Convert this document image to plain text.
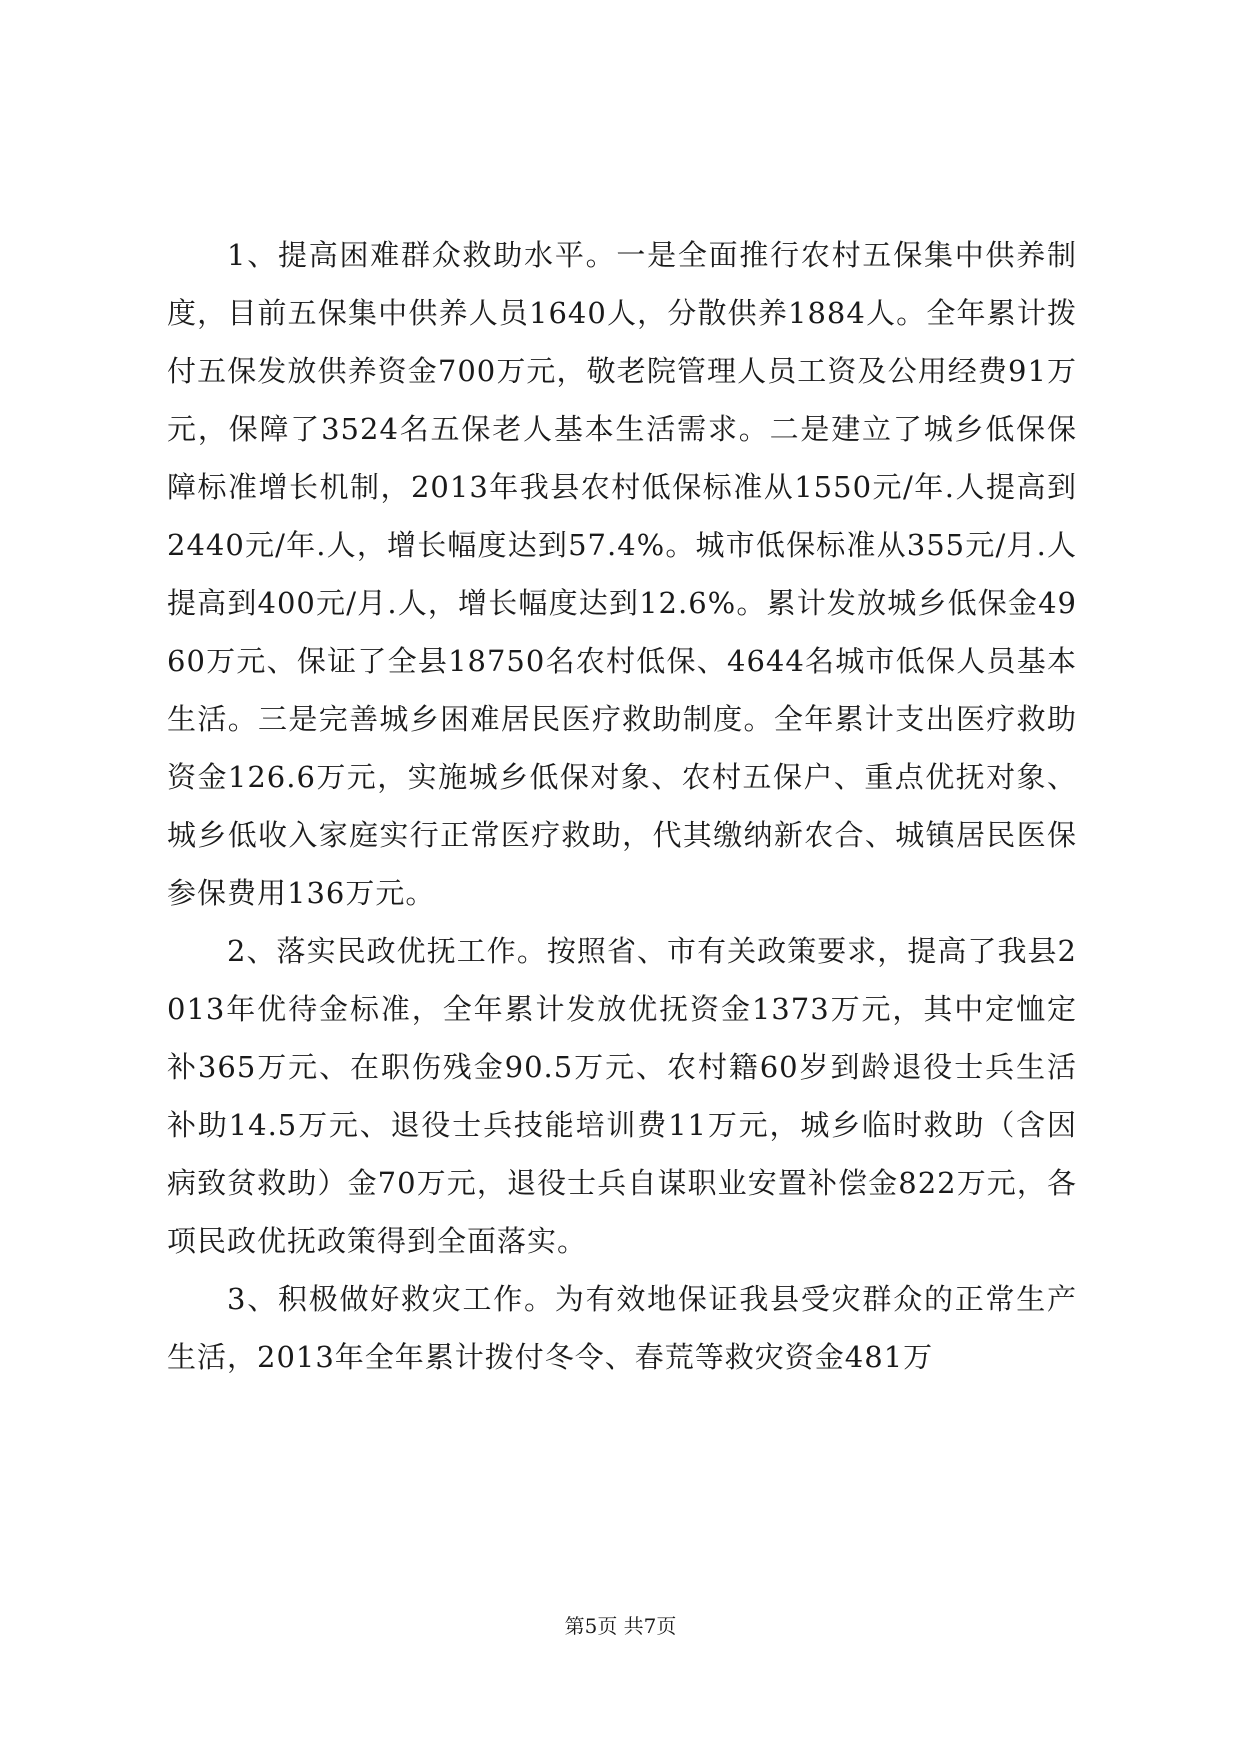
1、提高困难群众救助水平。一是全面推行农村五保集中供养制度，目前五保集中供养人员1640人，分散供养1884人。全年累计拨付五保发放供养资金700万元，敬老院管理人员工资及公用经费91万元，保障了3524名五保老人基本生活需求。二是建立了城乡低保保障标准增长机制，2013年我县农村低保标准从1550元/年.人提高到2440元/年.人，增长幅度达到57.4%。城市低保标准从355元/月.人提高到400元/月.人，增长幅度达到12.6%。累计发放城乡低保金4960万元、保证了全县18750名农村低保、4644名城市低保人员基本生活。三是完善城乡困难居民医疗救助制度。全年累计支出医疗救助资金126.6万元，实施城乡低保对象、农村五保户、重点优抚对象、城乡低收入家庭实行正常医疗救助，代其缴纳新农合、城镇居民医保参保费用136万元。

2、落实民政优抚工作。按照省、市有关政策要求，提高了我县2013年优待金标准，全年累计发放优抚资金1373万元，其中定恤定补365万元、在职伤残金90.5万元、农村籍60岁到龄退役士兵生活补助14.5万元、退役士兵技能培训费11万元，城乡临时救助（含因病致贫救助）金70万元，退役士兵自谋职业安置补偿金822万元，各项民政优抚政策得到全面落实。

3、积极做好救灾工作。为有效地保证我县受灾群众的正常生产生活，2013年全年累计拨付冬令、春荒等救灾资金481万

第5页 共7页
